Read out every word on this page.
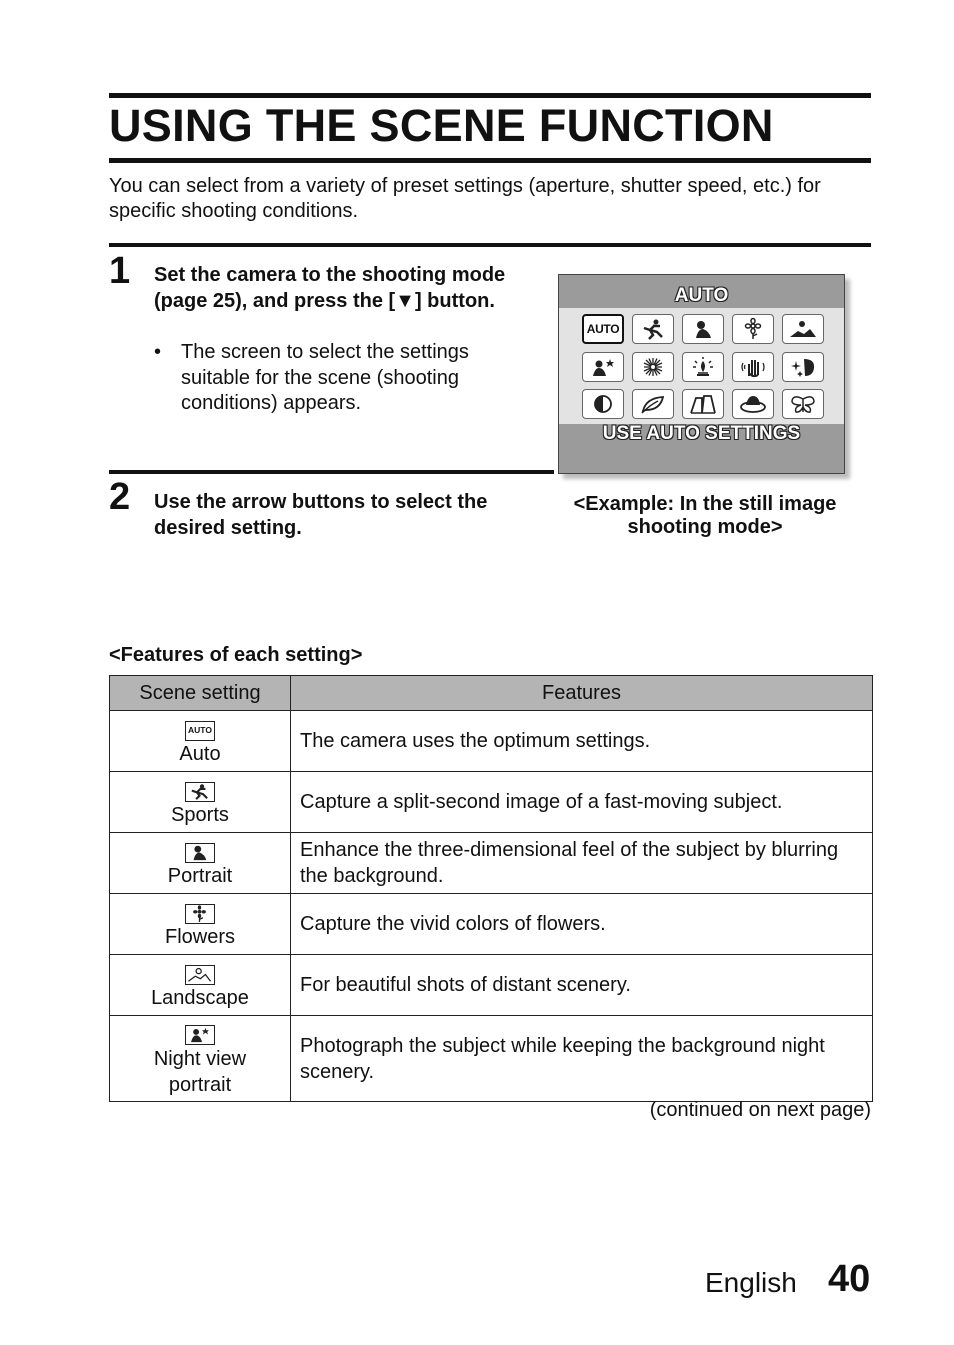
USING THE SCENE FUNCTION

You can select from a variety of preset settings (aperture, shutter speed, etc.) for specific shooting conditions.

1 Set the camera to the shooting mode (page 25), and press the [▼] button.

• The screen to select the settings suitable for the scene (shooting conditions) appears.
2 Use the arrow buttons to select the desired setting.

AUTO
AUTO
USE AUTO SETTINGS
<Example: In the still image shooting mode>
<Features of each setting>
Scene setting	Features
AUTO
Auto	The camera uses the optimum settings.

Sports	Capture a split-second image of a fast-moving subject.

Portrait	Enhance the three-dimensional feel of the subject by blurring the background.

Flowers	Capture the vivid colors of flowers.

Landscape	For beautiful shots of distant scenery.

Night view portrait	Photograph the subject while keeping the background night scenery.
(continued on next page)
English 40
